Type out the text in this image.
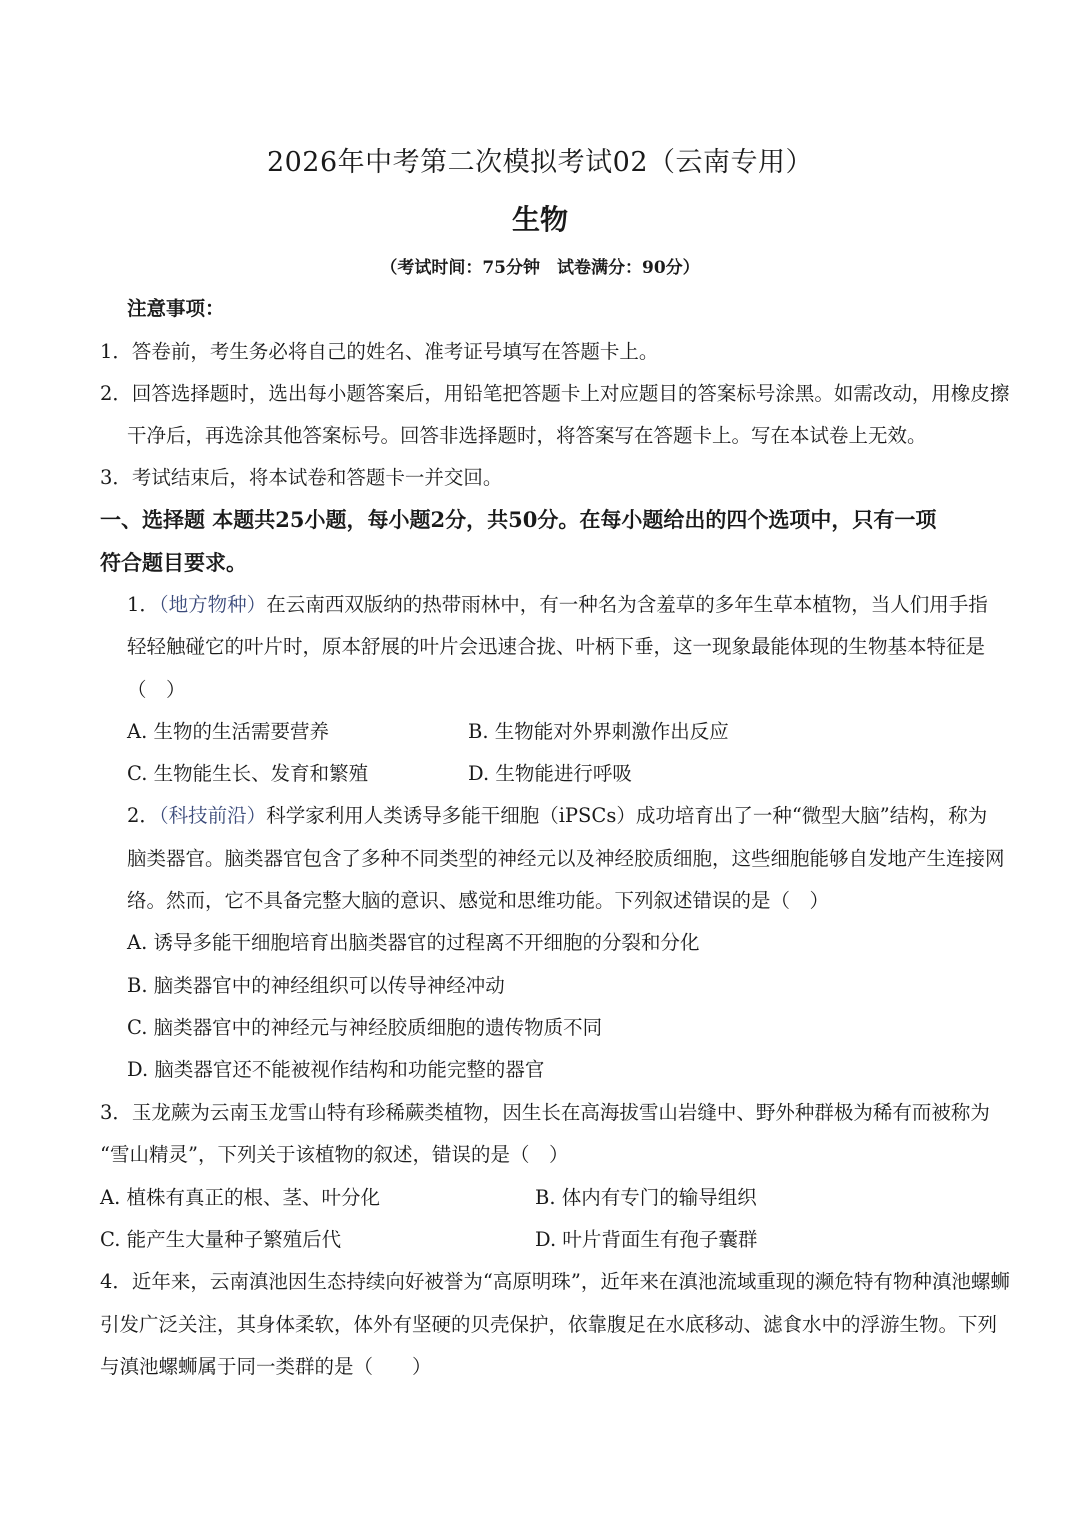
2026年中考第二次模拟考试02（云南专用）
生物
（考试时间：75分钟　试卷满分：90分）
注意事项：
1．答卷前，考生务必将自己的姓名、准考证号填写在答题卡上。
2．回答选择题时，选出每小题答案后，用铅笔把答题卡上对应题目的答案标号涂黑。如需改动，用橡皮擦
干净后，再选涂其他答案标号。回答非选择题时，将答案写在答题卡上。写在本试卷上无效。
3．考试结束后，将本试卷和答题卡一并交回。
一、选择题 本题共25小题，每小题2分，共50分。在每小题给出的四个选项中，只有一项
符合题目要求。
1．（地方物种）在云南西双版纳的热带雨林中，有一种名为含羞草的多年生草本植物，当人们用手指
轻轻触碰它的叶片时，原本舒展的叶片会迅速合拢、叶柄下垂，这一现象最能体现的生物基本特征是
（　）
A. 生物的生活需要营养	B. 生物能对外界刺激作出反应
C. 生物能生长、发育和繁殖	D. 生物能进行呼吸
2．（科技前沿）科学家利用人类诱导多能干细胞（iPSCs）成功培育出了一种“微型大脑”结构，称为
脑类器官。脑类器官包含了多种不同类型的神经元以及神经胶质细胞，这些细胞能够自发地产生连接网
络。然而，它不具备完整大脑的意识、感觉和思维功能。下列叙述错误的是（　）
A. 诱导多能干细胞培育出脑类器官的过程离不开细胞的分裂和分化
B. 脑类器官中的神经组织可以传导神经冲动
C. 脑类器官中的神经元与神经胶质细胞的遗传物质不同
D. 脑类器官还不能被视作结构和功能完整的器官
3．玉龙蕨为云南玉龙雪山特有珍稀蕨类植物，因生长在高海拔雪山岩缝中、野外种群极为稀有而被称为
“雪山精灵”，下列关于该植物的叙述，错误的是（　）
A. 植株有真正的根、茎、叶分化	B. 体内有专门的输导组织
C. 能产生大量种子繁殖后代	D. 叶片背面生有孢子囊群
4．近年来，云南滇池因生态持续向好被誉为“高原明珠”，近年来在滇池流域重现的濒危特有物种滇池螺蛳
引发广泛关注，其身体柔软，体外有坚硬的贝壳保护，依靠腹足在水底移动、滤食水中的浮游生物。下列
与滇池螺蛳属于同一类群的是（　　）
